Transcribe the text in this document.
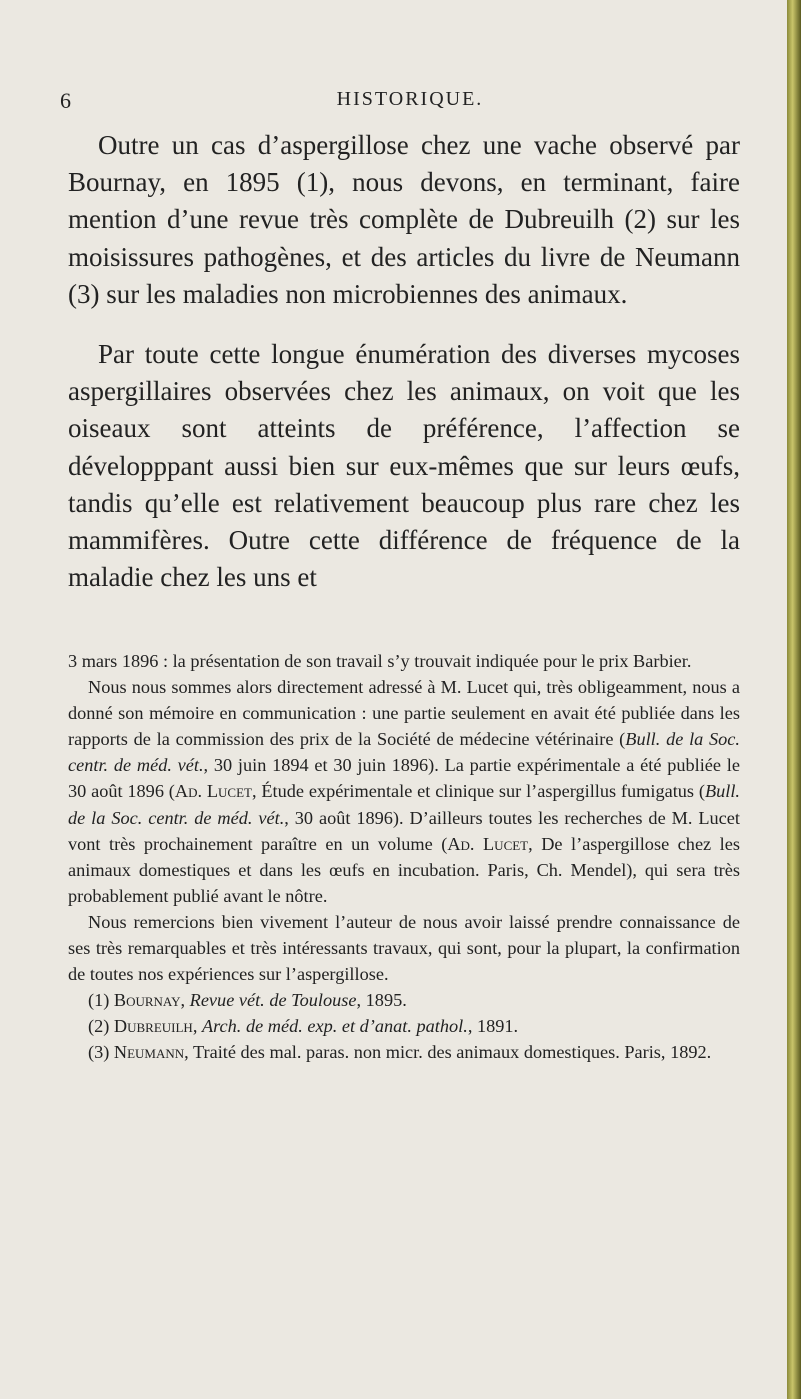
6	HISTORIQUE.

Outre un cas d’aspergillose chez une vache observé par Bournay, en 1895 (1), nous devons, en terminant, faire mention d’une revue très complète de Dubreuilh (2) sur les moisissures pathogènes, et des articles du livre de Neumann (3) sur les maladies non microbiennes des animaux.

Par toute cette longue énumération des diverses mycoses aspergillaires observées chez les animaux, on voit que les oiseaux sont atteints de préférence, l’affection se développpant aussi bien sur eux-mêmes que sur leurs œufs, tandis qu’elle est relativement beaucoup plus rare chez les mammifères. Outre cette différence de fréquence de la maladie chez les uns et

3 mars 1896 : la présentation de son travail s’y trouvait indiquée pour le prix Barbier.

Nous nous sommes alors directement adressé à M. Lucet qui, très obligeamment, nous a donné son mémoire en communication : une partie seulement en avait été publiée dans les rapports de la commission des prix de la Société de médecine vétérinaire (Bull. de la Soc. centr. de méd. vét., 30 juin 1894 et 30 juin 1896). La partie expérimentale a été publiée le 30 août 1896 (Ad. Lucet, Étude expérimentale et clinique sur l’aspergillus fumigatus (Bull. de la Soc. centr. de méd. vét., 30 août 1896). D’ailleurs toutes les recherches de M. Lucet vont très prochainement paraître en un volume (Ad. Lucet, De l’aspergillose chez les animaux domestiques et dans les œufs en incubation. Paris, Ch. Mendel), qui sera très probablement publié avant le nôtre.

Nous remercions bien vivement l’auteur de nous avoir laissé prendre connaissance de ses très remarquables et très intéressants travaux, qui sont, pour la plupart, la confirmation de toutes nos expériences sur l’aspergillose.

(1) Bournay, Revue vét. de Toulouse, 1895.

(2) Dubreuilh, Arch. de méd. exp. et d’anat. pathol., 1891.

(3) Neumann, Traité des mal. paras. non micr. des animaux domestiques. Paris, 1892.
